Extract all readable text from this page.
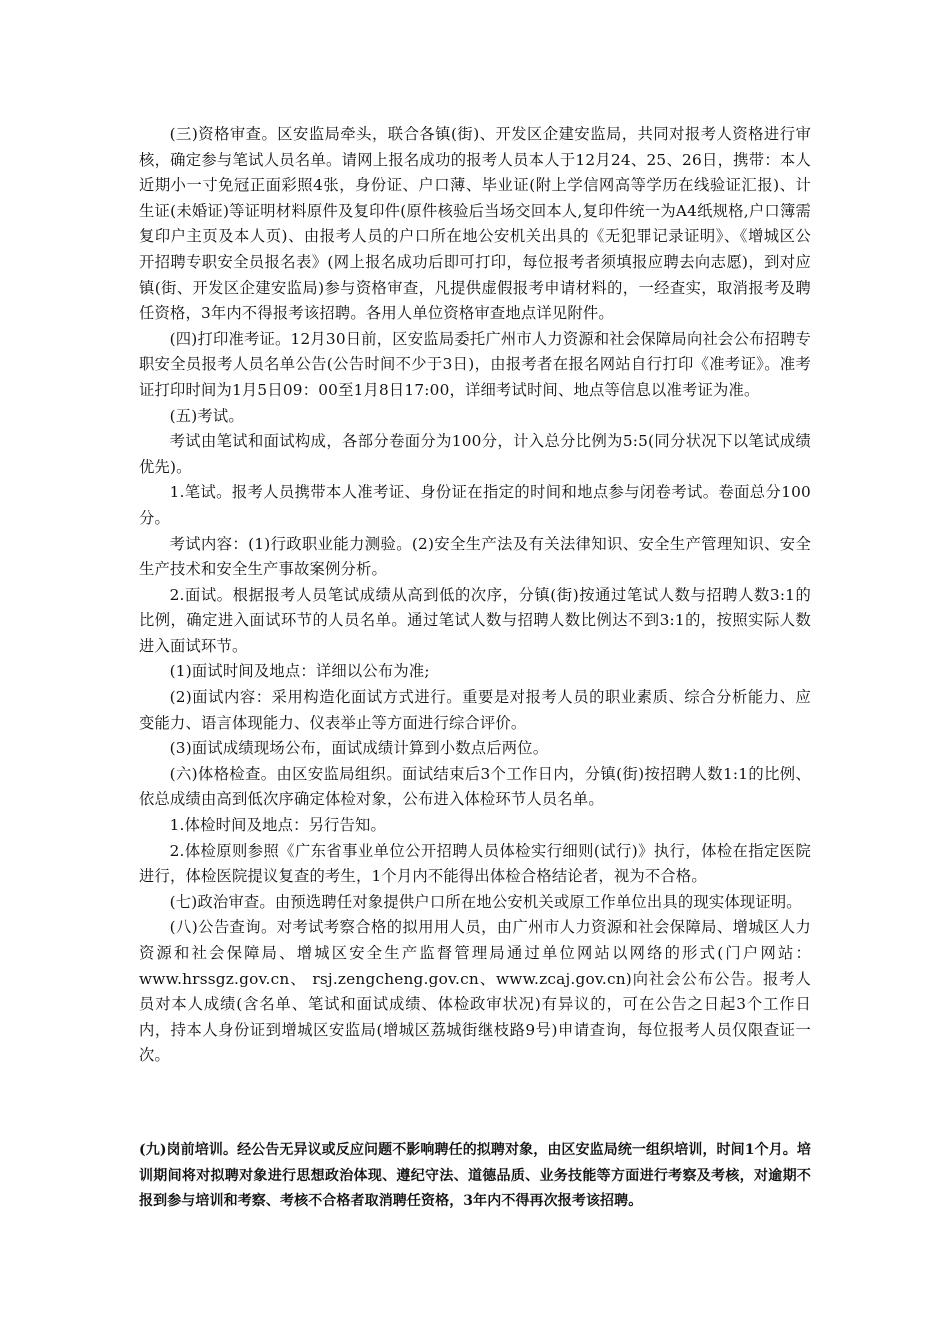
(三)资格审查。区安监局牵头，联合各镇(街)、开发区企建安监局，共同对报考人资格进行审核，确定参与笔试人员名单。请网上报名成功的报考人员本人于12月24、25、26日，携带：本人近期小一寸免冠正面彩照4张，身份证、户口薄、毕业证(附上学信网高等学历在线验证汇报)、计生证(未婚证)等证明材料原件及复印件(原件核验后当场交回本人,复印件统一为A4纸规格,户口簿需复印户主页及本人页)、由报考人员的户口所在地公安机关出具的《无犯罪记录证明》、《增城区公开招聘专职安全员报名表》(网上报名成功后即可打印，每位报考者须填报应聘去向志愿)，到对应镇(街、开发区企建安监局)参与资格审查，凡提供虚假报考申请材料的，一经查实，取消报考及聘任资格，3年内不得报考该招聘。各用人单位资格审查地点详见附件。

(四)打印准考证。12月30日前，区安监局委托广州市人力资源和社会保障局向社会公布招聘专职安全员报考人员名单公告(公告时间不少于3日)，由报考者在报名网站自行打印《准考证》。准考证打印时间为1月5日09：00至1月8日17:00，详细考试时间、地点等信息以准考证为准。

(五)考试。

考试由笔试和面试构成，各部分卷面分为100分，计入总分比例为5:5(同分状况下以笔试成绩优先)。

1.笔试。报考人员携带本人准考证、身份证在指定的时间和地点参与闭卷考试。卷面总分100分。

考试内容：(1)行政职业能力测验。(2)安全生产法及有关法律知识、安全生产管理知识、安全生产技术和安全生产事故案例分析。

2.面试。根据报考人员笔试成绩从高到低的次序，分镇(街)按通过笔试人数与招聘人数3:1的比例，确定进入面试环节的人员名单。通过笔试人数与招聘人数比例达不到3:1的，按照实际人数进入面试环节。

(1)面试时间及地点：详细以公布为准;

(2)面试内容：采用构造化面试方式进行。重要是对报考人员的职业素质、综合分析能力、应变能力、语言体现能力、仪表举止等方面进行综合评价。

(3)面试成绩现场公布，面试成绩计算到小数点后两位。

(六)体格检查。由区安监局组织。面试结束后3个工作日内，分镇(街)按招聘人数1:1的比例、依总成绩由高到低次序确定体检对象，公布进入体检环节人员名单。

1.体检时间及地点：另行告知。

2.体检原则参照《广东省事业单位公开招聘人员体检实行细则(试行)》执行，体检在指定医院进行，体检医院提议复查的考生，1个月内不能得出体检合格结论者，视为不合格。

(七)政治审查。由预选聘任对象提供户口所在地公安机关或原工作单位出具的现实体现证明。

(八)公告查询。对考试考察合格的拟用用人员，由广州市人力资源和社会保障局、增城区人力资源和社会保障局、增城区安全生产监督管理局通过单位网站以网络的形式(门户网站： www.hrssgz.gov.cn、 rsj.zengcheng.gov.cn、www.zcaj.gov.cn)向社会公布公告。报考人员对本人成绩(含名单、笔试和面试成绩、体检政审状况)有异议的，可在公告之日起3个工作日内，持本人身份证到增城区安监局(增城区荔城街继枝路9号)申请查询，每位报考人员仅限查证一次。

(九)岗前培训。经公告无异议或反应问题不影响聘任的拟聘对象，由区安监局统一组织培训，时间1个月。培训期间将对拟聘对象进行思想政治体现、遵纪守法、道德品质、业务技能等方面进行考察及考核，对逾期不报到参与培训和考察、考核不合格者取消聘任资格，3年内不得再次报考该招聘。
